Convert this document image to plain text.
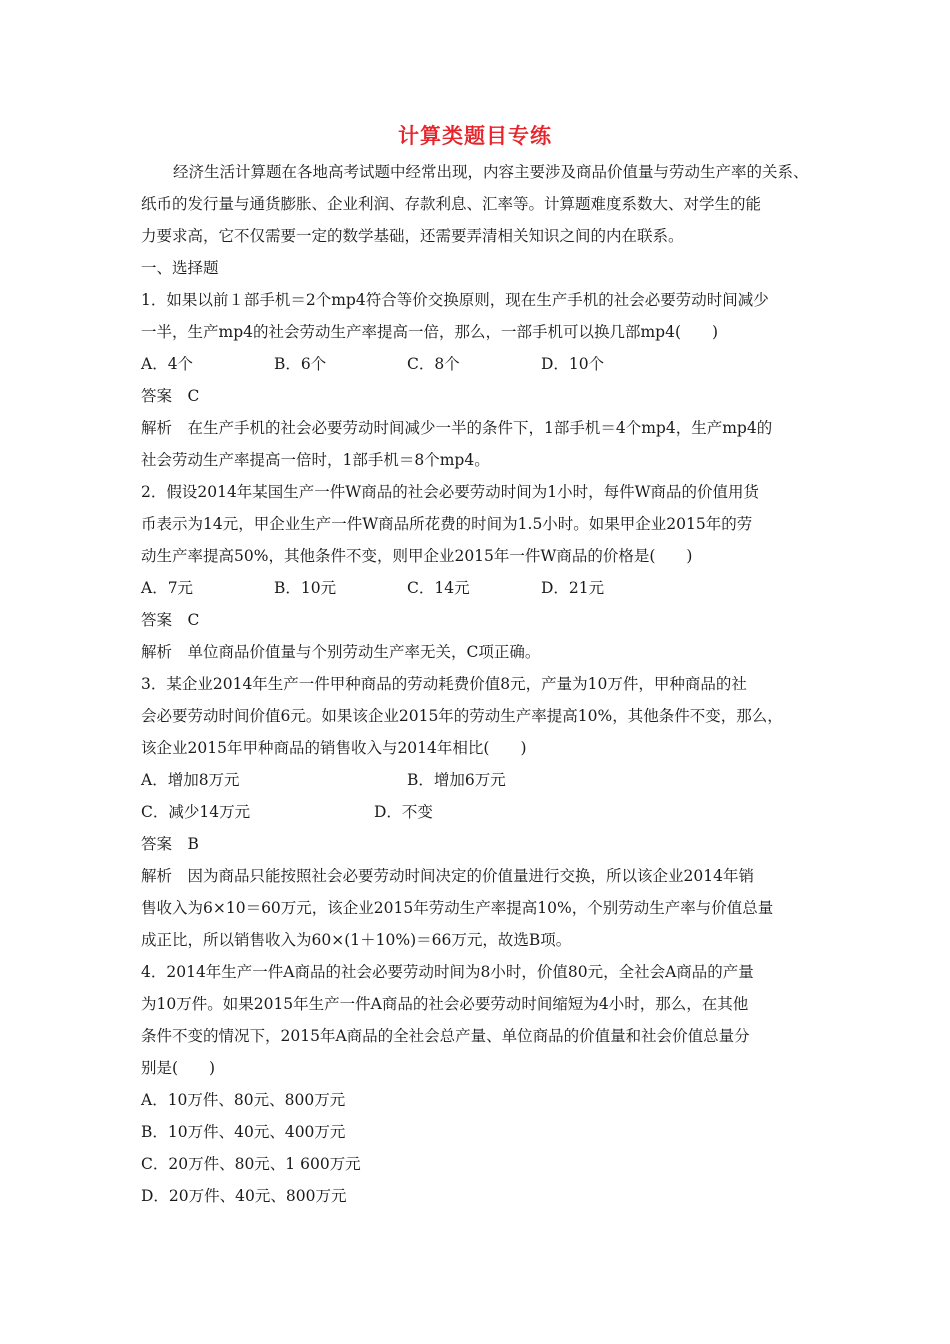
计算类题目专练
经济生活计算题在各地高考试题中经常出现，内容主要涉及商品价值量与劳动生产率的关系、
纸币的发行量与通货膨胀、企业利润、存款利息、汇率等。计算题难度系数大、对学生的能
力要求高，它不仅需要一定的数学基础，还需要弄清相关知识之间的内在联系。
一、选择题
1．如果以前１部手机＝2个mp4符合等价交换原则，现在生产手机的社会必要劳动时间减少
一半，生产mp4的社会劳动生产率提高一倍，那么，一部手机可以换几部mp4(　　)
A．4个	B．6个	C．8个	D．10个
答案　C
解析　在生产手机的社会必要劳动时间减少一半的条件下，1部手机＝4个mp4，生产mp4的
社会劳动生产率提高一倍时，1部手机＝8个mp4。
2．假设2014年某国生产一件W商品的社会必要劳动时间为1小时，每件W商品的价值用货
币表示为14元，甲企业生产一件W商品所花费的时间为1.5小时。如果甲企业2015年的劳
动生产率提高50%，其他条件不变，则甲企业2015年一件W商品的价格是(　　)
A．7元	B．10元	C．14元	D．21元
答案　C
解析　单位商品价值量与个别劳动生产率无关，C项正确。
3．某企业2014年生产一件甲种商品的劳动耗费价值8元，产量为10万件，甲种商品的社
会必要劳动时间价值6元。如果该企业2015年的劳动生产率提高10%，其他条件不变，那么，
该企业2015年甲种商品的销售收入与2014年相比(　　)
A．增加8万元	B．增加6万元
C．减少14万元	D．不变
答案　B
解析　因为商品只能按照社会必要劳动时间决定的价值量进行交换，所以该企业2014年销
售收入为6×10＝60万元，该企业2015年劳动生产率提高10%，个别劳动生产率与价值总量
成正比，所以销售收入为60×(1＋10%)＝66万元，故选B项。
4．2014年生产一件A商品的社会必要劳动时间为8小时，价值80元，全社会A商品的产量
为10万件。如果2015年生产一件A商品的社会必要劳动时间缩短为4小时，那么，在其他
条件不变的情况下，2015年A商品的全社会总产量、单位商品的价值量和社会价值总量分
别是(　　)
A．10万件、80元、800万元
B．10万件、40元、400万元
C．20万件、80元、1 600万元
D．20万件、40元、800万元
